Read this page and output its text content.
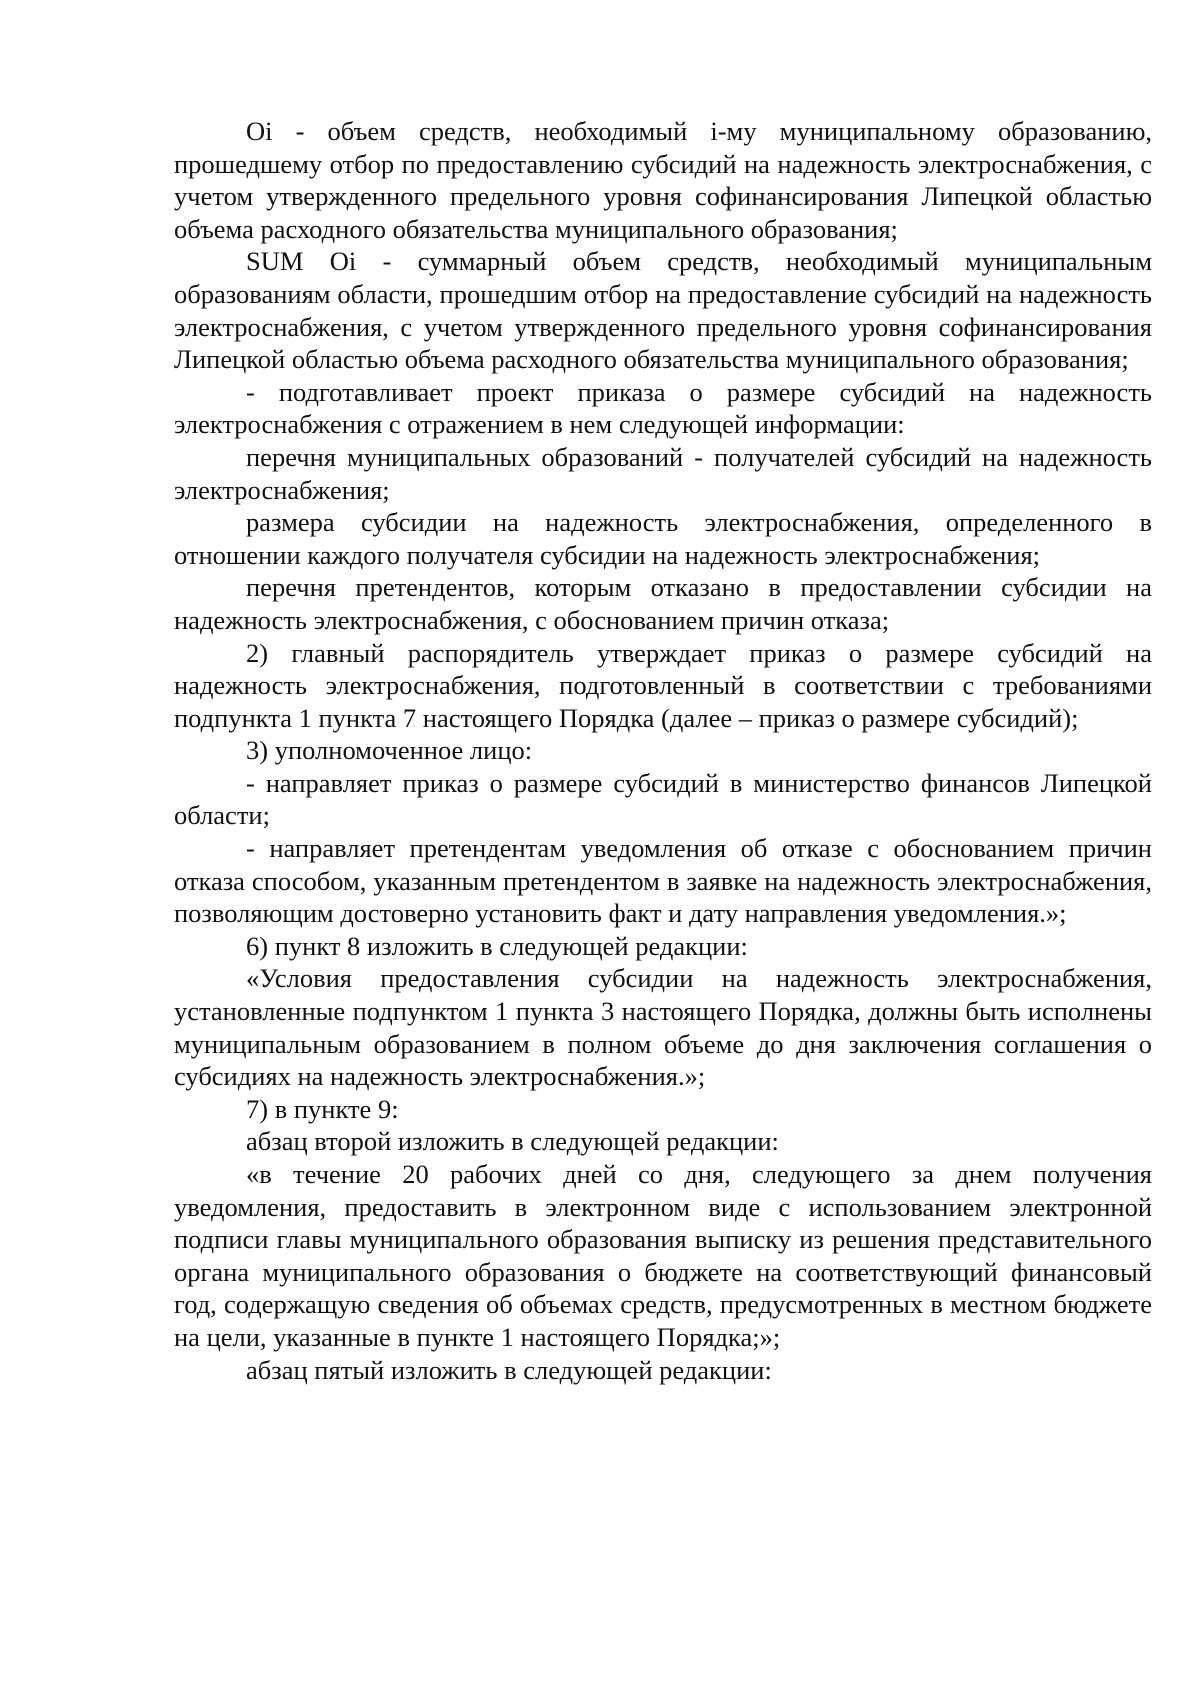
Oi - объем средств, необходимый i-му муниципальному образованию, прошедшему отбор по предоставлению субсидий на надежность электроснабжения, с учетом утвержденного предельного уровня софинансирования Липецкой областью объема расходного обязательства муниципального образования;

SUM Oi - суммарный объем средств, необходимый муниципальным образованиям области, прошедшим отбор на предоставление субсидий на надежность электроснабжения, с учетом утвержденного предельного уровня софинансирования Липецкой областью объема расходного обязательства муниципального образования;

- подготавливает проект приказа о размере субсидий на надежность электроснабжения с отражением в нем следующей информации:

перечня муниципальных образований - получателей субсидий на надежность электроснабжения;

размера субсидии на надежность электроснабжения, определенного в отношении каждого получателя субсидии на надежность электроснабжения;

перечня претендентов, которым отказано в предоставлении субсидии на надежность электроснабжения, с обоснованием причин отказа;

2) главный распорядитель утверждает приказ о размере субсидий на надежность электроснабжения, подготовленный в соответствии с требованиями подпункта 1 пункта 7 настоящего Порядка (далее – приказ о размере субсидий);

3) уполномоченное лицо:

- направляет приказ о размере субсидий в министерство финансов Липецкой области;

- направляет претендентам уведомления об отказе с обоснованием причин отказа способом, указанным претендентом в заявке на надежность электроснабжения, позволяющим достоверно установить факт и дату направления уведомления.»;

6) пункт 8 изложить в следующей редакции:

«Условия предоставления субсидии на надежность электроснабжения, установленные подпунктом 1 пункта 3 настоящего Порядка, должны быть исполнены муниципальным образованием в полном объеме до дня заключения соглашения о субсидиях на надежность электроснабжения.»;

7) в пункте 9:

абзац второй изложить в следующей редакции:

«в течение 20 рабочих дней со дня, следующего за днем получения уведомления, предоставить в электронном виде с использованием электронной подписи главы муниципального образования выписку из решения представительного органа муниципального образования о бюджете на соответствующий финансовый год, содержащую сведения об объемах средств, предусмотренных в местном бюджете на цели, указанные в пункте 1 настоящего Порядка;»;

абзац пятый изложить в следующей редакции:
